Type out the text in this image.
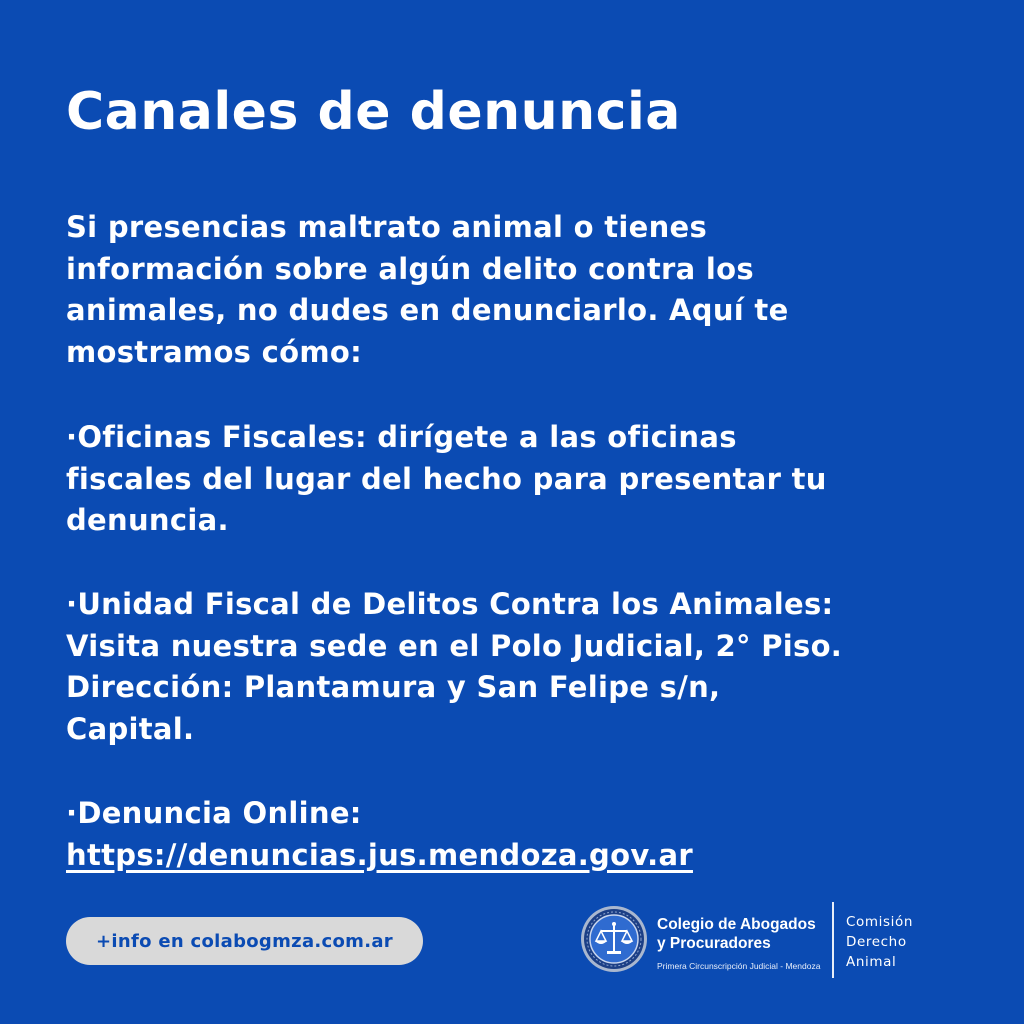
Canales de denuncia

Si presencias maltrato animal o tienes
información sobre algún delito contra los
animales, no dudes en denunciarlo. Aquí te
mostramos cómo:

·Oficinas Fiscales: dirígete a las oficinas
fiscales del lugar del hecho para presentar tu
denuncia.

·Unidad Fiscal de Delitos Contra los Animales:
Visita nuestra sede en el Polo Judicial, 2° Piso.
Dirección: Plantamura y San Felipe s/n,
Capital.

·Denuncia Online:
https://denuncias.jus.mendoza.gov.ar

+info en colabogmza.com.ar
Colegio de Abogados
y Procuradores
Primera Circunscripción Judicial - Mendoza
Comisión
Derecho
Animal
